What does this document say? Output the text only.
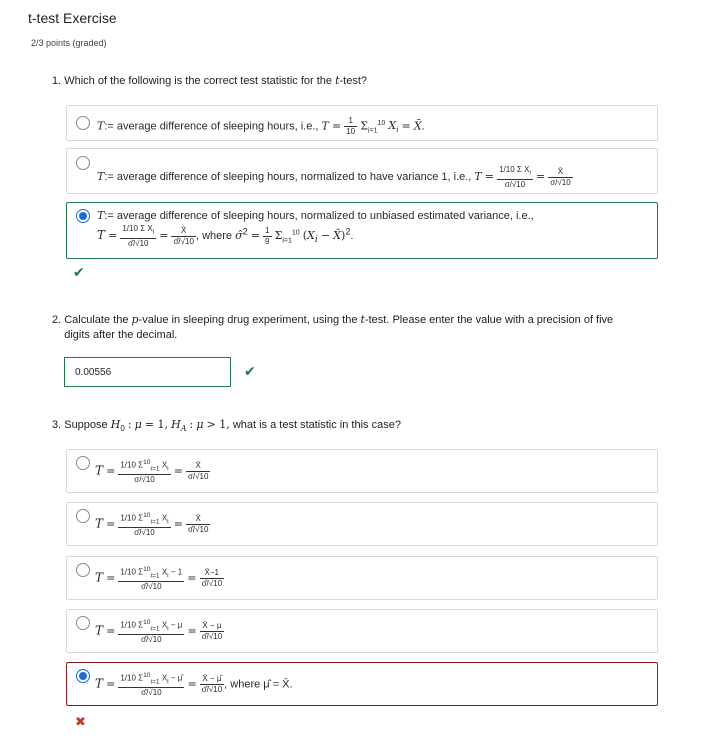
t-test Exercise
2/3 points (graded)
1. Which of the following is the correct test statistic for the t-test?
T:= average difference of sleeping hours, i.e., $T = \frac{1}{10} \Sigma_{i=1}^{10}$ $X_i$ = X̄.
T:= average difference of sleeping hours, normalized to have variance 1, i.e., $T = \frac{1/10 \Sigma X_i}{\sigma/√10} = \frac{X̄}{\sigma/√10}$
T:= average difference of sleeping hours, normalized to unbiased estimated variance, i.e.,
$T = \frac{1/10 \Sigma X_i}{\sigmâ/√10} = \frac{X̄}{\sigmâ/√10}$ , where σ̂$^2$ = $\frac{1}{9} \Sigma_{i=1}^{10}$ ($X_i$ − X̄)$^2$.
✔
2. Calculate the p-value in sleeping drug experiment, using the t-test. Please enter the value with a precision of five
digits after the decimal.
0.00556	✔
3. Suppose $H_0$ : μ = 1, $H_A$ : μ > 1, what is a test statistic in this case?
$T = \frac{1/10 \Sigma^{10}_{i=1} X_i}{\sigma/√10} = \frac{X̄}{\sigma/√10}$
$T = \frac{1/10 \Sigma^{10}_{i=1} X_i}{\sigmâ/√10} = \frac{X̄}{\sigmâ/√10}$
$T = \frac{1/10 \Sigma^{10}_{i=1} X_i - 1}{\sigmâ/√10} = \frac{X̄-1}{\sigmâ/√10}$
$T = \frac{1/10 \Sigma^{10}_{i=1} X_i - \mu}{\sigmâ/√10} = \frac{X̄ - \mu}{\sigmâ/√10}$
$T = \frac{1/10 \Sigma^{10}_{i=1} X_i - \mû}{\sigmâ/√10} = \frac{X̄ - \mû}{\sigmâ/√10}$ , where μ̂ = X̄.
✖
